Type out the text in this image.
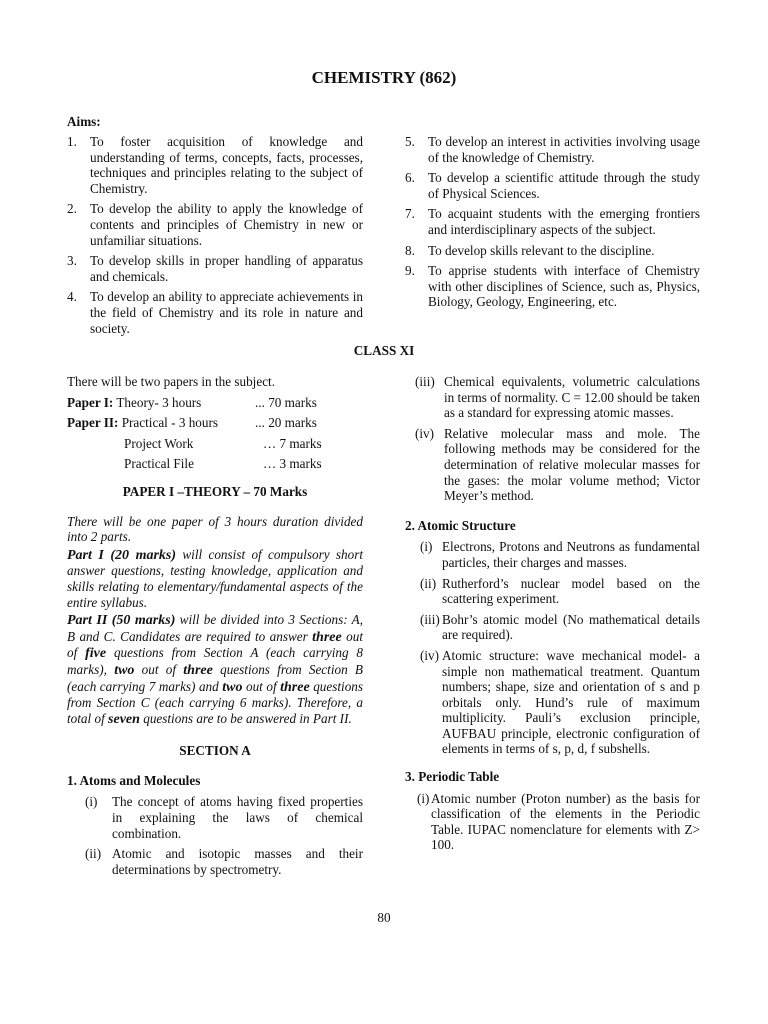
CHEMISTRY (862)
Aims:
1. To foster acquisition of knowledge and understanding of terms, concepts, facts, processes, techniques and principles relating to the subject of Chemistry.
2. To develop the ability to apply the knowledge of contents and principles of Chemistry in new or unfamiliar situations.
3. To develop skills in proper handling of apparatus and chemicals.
4. To develop an ability to appreciate achievements in the field of Chemistry and its role in nature and society.
5. To develop an interest in activities involving usage of the knowledge of Chemistry.
6. To develop a scientific attitude through the study of Physical Sciences.
7. To acquaint students with the emerging frontiers and interdisciplinary aspects of the subject.
8. To develop skills relevant to the discipline.
9. To apprise students with interface of Chemistry with other disciplines of Science, such as, Physics, Biology, Geology, Engineering, etc.
CLASS XI

There will be two papers in the subject.

Paper I: Theory- 3 hours	... 70 marks
Paper II: Practical - 3 hours	... 20 marks
Project Work	… 7 marks
Practical File	… 3 marks
PAPER I –THEORY – 70 Marks

There will be one paper of 3 hours duration divided into 2 parts.

Part I (20 marks) will consist of compulsory short answer questions, testing knowledge, application and skills relating to elementary/fundamental aspects of the entire syllabus.

Part II (50 marks) will be divided into 3 Sections: A, B and C. Candidates are required to answer three out of five questions from Section A (each carrying 8 marks), two out of three questions from Section B (each carrying 7 marks) and two out of three questions from Section C (each carrying 6 marks). Therefore, a total of seven questions are to be answered in Part II.

SECTION A
1. Atoms and Molecules
(i) The concept of atoms having fixed properties in explaining the laws of chemical combination.
(ii) Atomic and isotopic masses and their determinations by spectrometry.
(iii) Chemical equivalents, volumetric calculations in terms of normality. C = 12.00 should be taken as a standard for expressing atomic masses.
(iv) Relative molecular mass and mole. The following methods may be considered for the determination of relative molecular masses for the gases: the molar volume method; Victor Meyer’s method.
2. Atomic Structure
(i) Electrons, Protons and Neutrons as fundamental particles, their charges and masses.
(ii) Rutherford’s nuclear model based on the scattering experiment.
(iii) Bohr’s atomic model (No mathematical details are required).
(iv) Atomic structure: wave mechanical model- a simple non mathematical treatment. Quantum numbers; shape, size and orientation of s and p orbitals only. Hund’s rule of maximum multiplicity. Pauli’s exclusion principle, AUFBAU principle, electronic configuration of elements in terms of s, p, d, f subshells.
3. Periodic Table
(i) Atomic number (Proton number) as the basis for classification of the elements in the Periodic Table. IUPAC nomenclature for elements with Z> 100.
80
